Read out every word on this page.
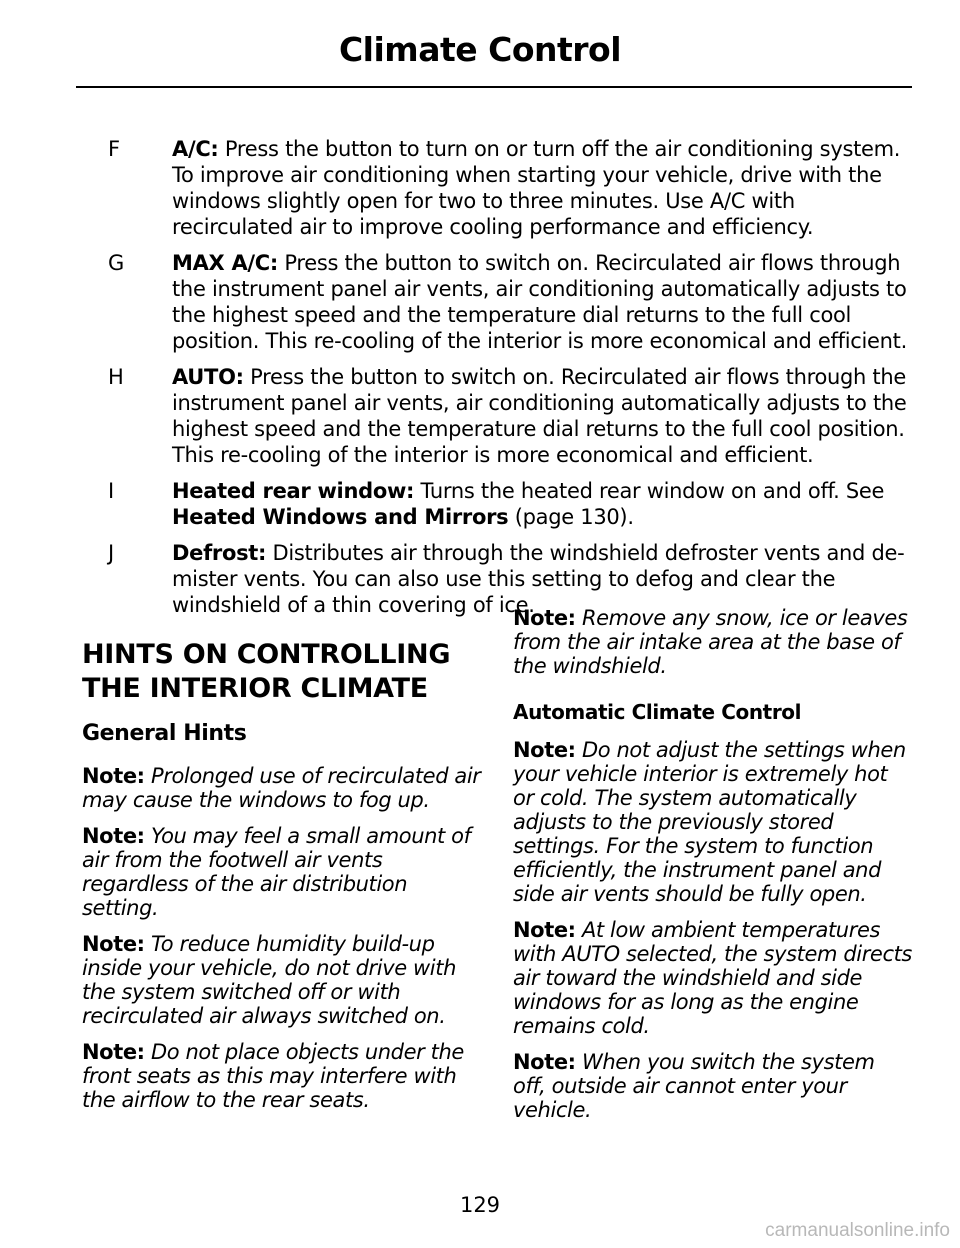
Climate Control
F	A/C: Press the button to turn on or turn off the air conditioning system. To improve air conditioning when starting your vehicle, drive with the windows slightly open for two to three minutes. Use A/C with recirculated air to improve cooling performance and efficiency.
G	MAX A/C: Press the button to switch on. Recirculated air flows through the instrument panel air vents, air conditioning automatically adjusts to the highest speed and the temperature dial returns to the full cool position. This re-cooling of the interior is more economical and efficient.
H	AUTO: Press the button to switch on. Recirculated air flows through the instrument panel air vents, air conditioning automatically adjusts to the highest speed and the temperature dial returns to the full cool position. This re-cooling of the interior is more economical and efficient.
I	Heated rear window: Turns the heated rear window on and off. See Heated Windows and Mirrors (page 130).
J	Defrost: Distributes air through the windshield defroster vents and de-mister vents. You can also use this setting to defog and clear the windshield of a thin covering of ice.
HINTS ON CONTROLLING
THE INTERIOR CLIMATE
General Hints

Note: Prolonged use of recirculated air may cause the windows to fog up.

Note: You may feel a small amount of air from the footwell air vents regardless of the air distribution setting.

Note: To reduce humidity build-up inside your vehicle, do not drive with the system switched off or with recirculated air always switched on.

Note: Do not place objects under the front seats as this may interfere with the airflow to the rear seats.

Note: Remove any snow, ice or leaves from the air intake area at the base of the windshield.

Automatic Climate Control

Note: Do not adjust the settings when your vehicle interior is extremely hot or cold. The system automatically adjusts to the previously stored settings. For the system to function efficiently, the instrument panel and side air vents should be fully open.

Note: At low ambient temperatures with AUTO selected, the system directs air toward the windshield and side windows for as long as the engine remains cold.

Note: When you switch the system off, outside air cannot enter your vehicle.

129
carmanualsonline.info
